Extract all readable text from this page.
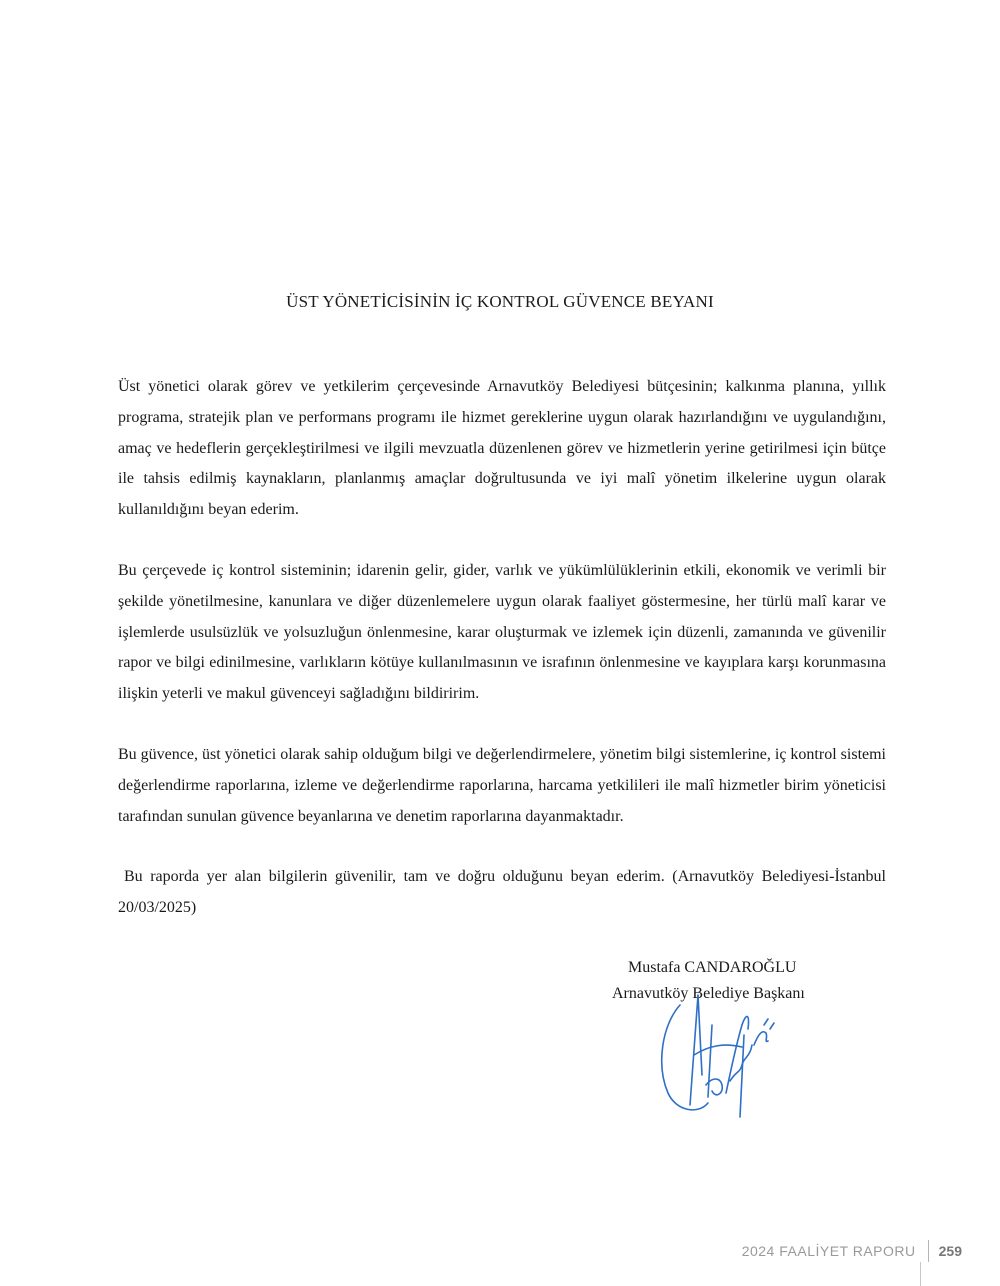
ÜST YÖNETİCİSİNİN İÇ KONTROL GÜVENCE BEYANI

Üst yönetici olarak görev ve yetkilerim çerçevesinde Arnavutköy Belediyesi bütçesinin; kalkınma planına, yıllık programa, stratejik plan ve performans programı ile hizmet gereklerine uygun olarak hazırlandığını ve uygulandığını, amaç ve hedeflerin gerçekleştirilmesi ve ilgili mevzuatla düzenlenen görev ve hizmetlerin yerine getirilmesi için bütçe ile tahsis edilmiş kaynakların, planlanmış amaçlar doğrultusunda ve iyi malî yönetim ilkelerine uygun olarak kullanıldığını beyan ederim.

Bu çerçevede iç kontrol sisteminin; idarenin gelir, gider, varlık ve yükümlülüklerinin etkili, ekonomik ve verimli bir şekilde yönetilmesine, kanunlara ve diğer düzenlemelere uygun olarak faaliyet göstermesine, her türlü malî karar ve işlemlerde usulsüzlük ve yolsuzluğun önlenmesine, karar oluşturmak ve izlemek için düzenli, zamanında ve güvenilir rapor ve bilgi edinilmesine, varlıkların kötüye kullanılmasının ve israfının önlenmesine ve kayıplara karşı korunmasına ilişkin yeterli ve makul güvenceyi sağladığını bildiririm.

Bu güvence, üst yönetici olarak sahip olduğum bilgi ve değerlendirmelere, yönetim bilgi sistemlerine, iç kontrol sistemi değerlendirme raporlarına, izleme ve değerlendirme raporlarına, harcama yetkilileri ile malî hizmetler birim yöneticisi tarafından sunulan güvence beyanlarına ve denetim raporlarına dayanmaktadır.

Bu raporda yer alan bilgilerin güvenilir, tam ve doğru olduğunu beyan ederim. (Arnavutköy Belediyesi-İstanbul 20/03/2025)

Mustafa CANDAROĞLU
Arnavutköy Belediye Başkanı
2024 FAALİYET RAPORU 259
